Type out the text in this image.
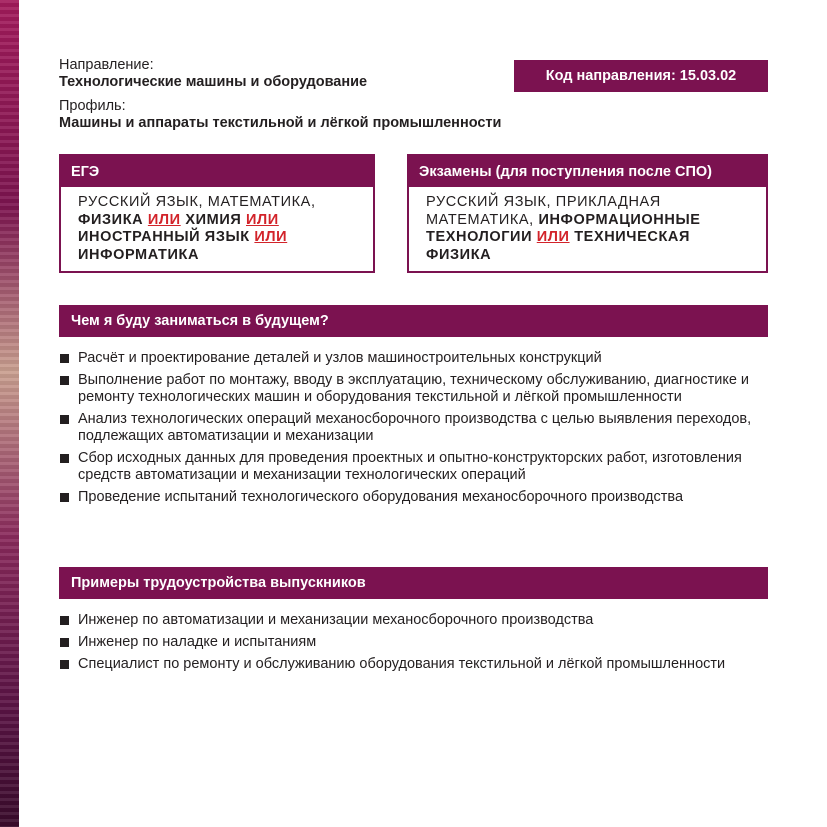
Направление:
Технологические машины и оборудование
Профиль:
Машины и аппараты текстильной и лёгкой промышленности
Код направления: 15.03.02
ЕГЭ
РУССКИЙ ЯЗЫК, МАТЕМАТИКА, ФИЗИКА ИЛИ ХИМИЯ ИЛИ ИНОСТРАННЫЙ ЯЗЫК ИЛИ ИНФОРМАТИКА
Экзамены (для поступления после СПО)
РУССКИЙ ЯЗЫК, ПРИКЛАДНАЯ МАТЕМАТИКА, ИНФОРМАЦИОННЫЕ ТЕХНОЛОГИИ ИЛИ ТЕХНИЧЕСКАЯ ФИЗИКА
Чем я буду заниматься в будущем?
Расчёт и проектирование деталей и узлов машиностроительных конструкций
Выполнение работ по монтажу, вводу в эксплуатацию, техническому обслуживанию, диагностике и ремонту технологических машин и оборудования текстильной и лёгкой промышленности
Анализ технологических операций механосборочного производства с целью выявления переходов, подлежащих автоматизации и механизации
Сбор исходных данных для проведения проектных и опытно-конструкторских работ, изготовления средств автоматизации и механизации технологических операций
Проведение испытаний технологического оборудования механосборочного производства
Примеры трудоустройства выпускников
Инженер по автоматизации и механизации механосборочного производства
Инженер по наладке и испытаниям
Специалист по ремонту и обслуживанию оборудования текстильной и лёгкой промышленности
